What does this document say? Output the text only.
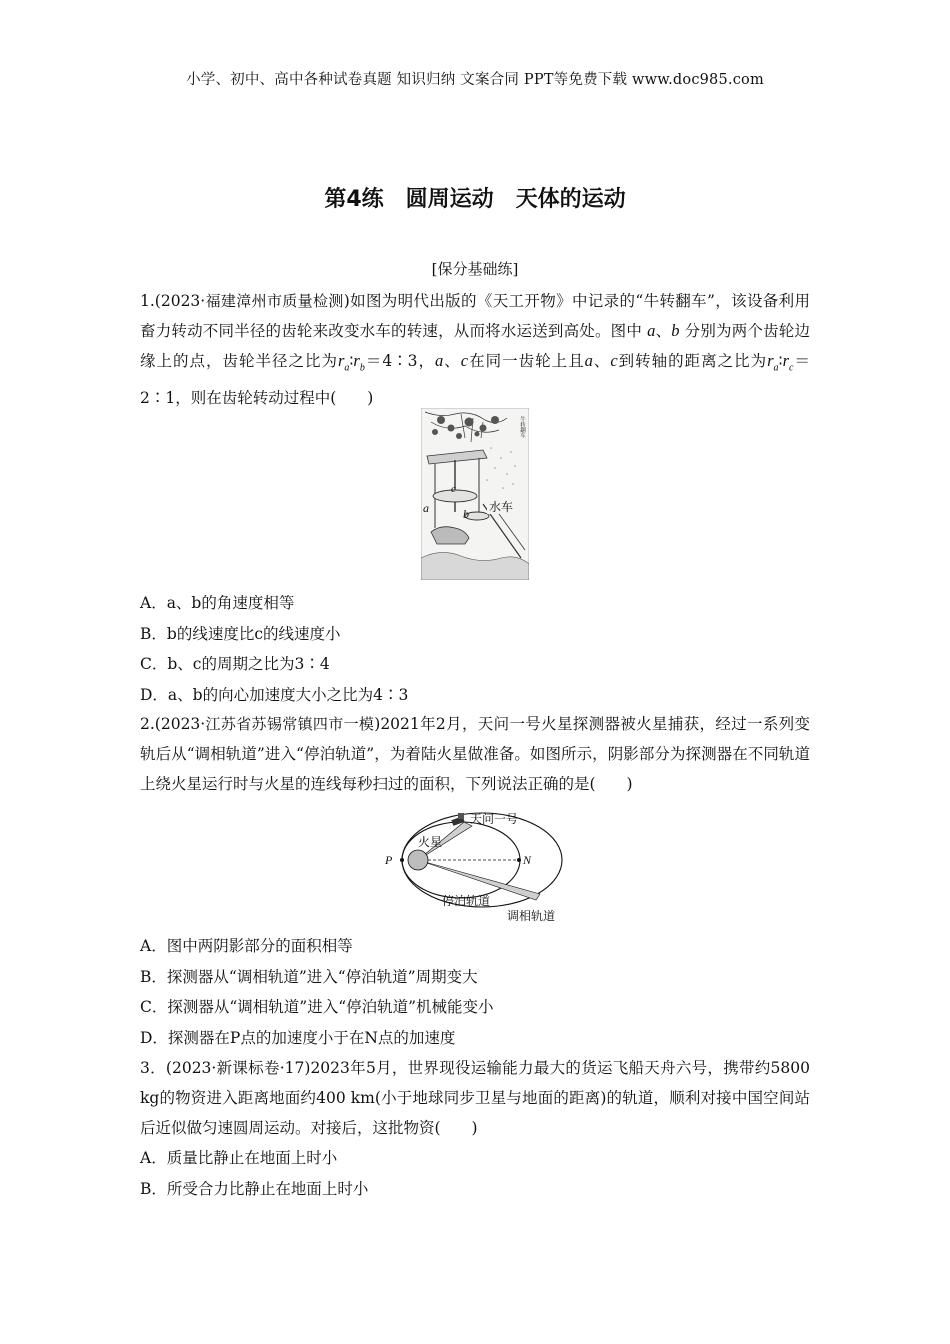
小学、初中、高中各种试卷真题 知识归纳 文案合同 PPT等免费下载 www.doc985.com
第4练　圆周运动　天体的运动
[保分基础练]
1.(2023·福建漳州市质量检测)如图为明代出版的《天工开物》中记录的“牛转翻车”，该设备利用畜力转动不同半径的齿轮来改变水车的转速，从而将水运送到高处。图中 a、b 分别为两个齿轮边缘上的点，齿轮半径之比为$r_a∶r_b=4∶3$，a、c在同一齿轮上且a、c到转轴的距离之比为$r_a∶r_c=2∶1$，则在齿轮转动过程中(　　)
牛转翻车
c
a	b 水车
A．a、b的角速度相等
B．b的线速度比c的线速度小
C．b、c的周期之比为3∶4
D．a、b的向心加速度大小之比为4∶3
2.(2023·江苏省苏锡常镇四市一模)2021年2月，天问一号火星探测器被火星捕获，经过一系列变轨后从“调相轨道”进入“停泊轨道”，为着陆火星做准备。如图所示，阴影部分为探测器在不同轨道上绕火星运行时与火星的连线每秒扫过的面积，下列说法正确的是(　　)
天问一号
火星
P	N
停泊轨道
调相轨道
A．图中两阴影部分的面积相等
B．探测器从“调相轨道”进入“停泊轨道”周期变大
C．探测器从“调相轨道”进入“停泊轨道”机械能变小
D．探测器在P点的加速度小于在N点的加速度
3．(2023·新课标卷·17)2023年5月，世界现役运输能力最大的货运飞船天舟六号，携带约5800 kg的物资进入距离地面约400 km(小于地球同步卫星与地面的距离)的轨道，顺利对接中国空间站后近似做匀速圆周运动。对接后，这批物资(　　)
A．质量比静止在地面上时小
B．所受合力比静止在地面上时小
